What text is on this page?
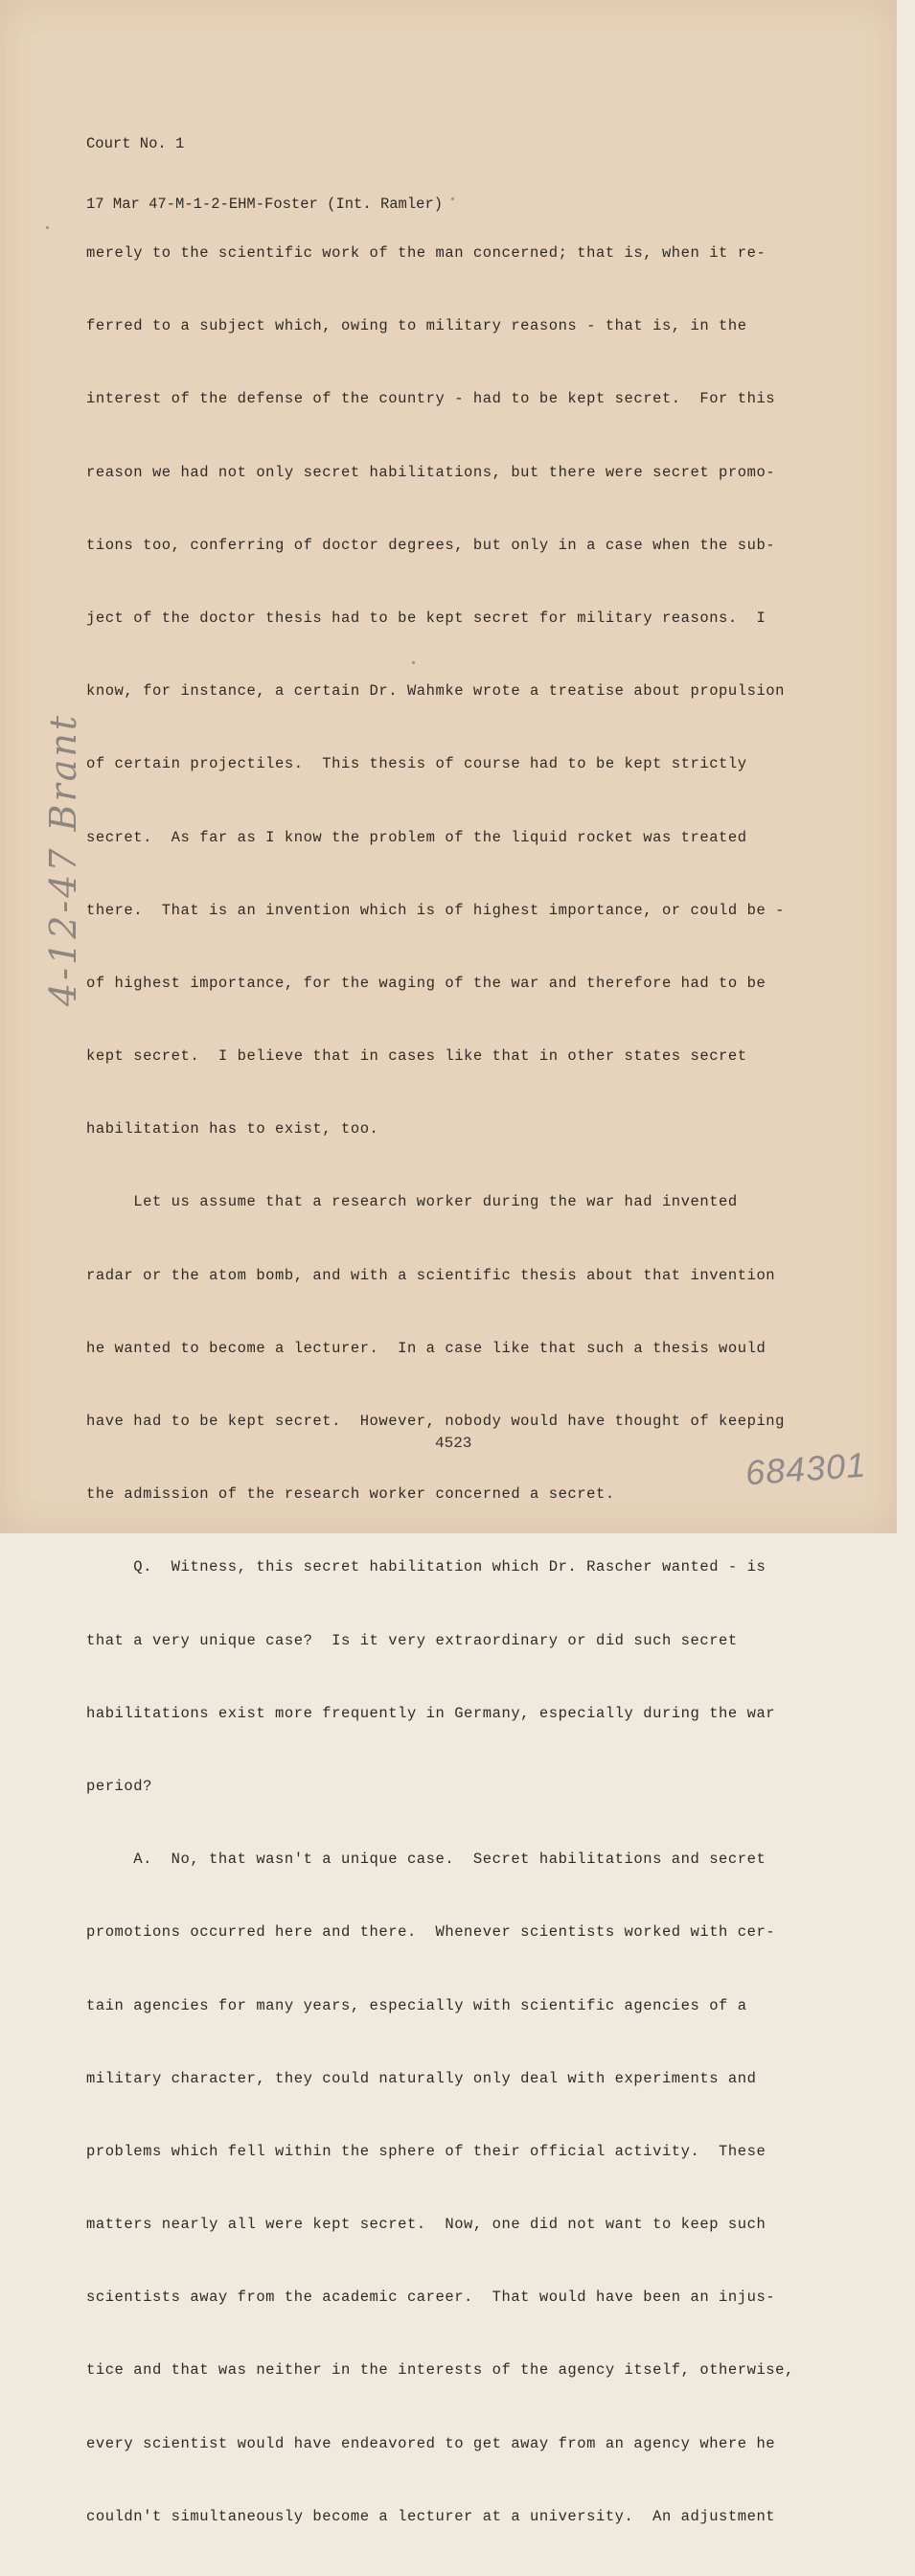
Court No. 1

17 Mar 47-M-1-2-EHM-Foster (Int. Ramler)

merely to the scientific work of the man concerned; that is, when it re-

ferred to a subject which, owing to military reasons - that is, in the

interest of the defense of the country - had to be kept secret.  For this

reason we had not only secret habilitations, but there were secret promo-

tions too, conferring of doctor degrees, but only in a case when the sub-

ject of the doctor thesis had to be kept secret for military reasons.  I

know, for instance, a certain Dr. Wahmke wrote a treatise about propulsion

of certain projectiles.  This thesis of course had to be kept strictly

secret.  As far as I know the problem of the liquid rocket was treated

there.  That is an invention which is of highest importance, or could be -

of highest importance, for the waging of the war and therefore had to be

kept secret.  I believe that in cases like that in other states secret

habilitation has to exist, too.

Let us assume that a research worker during the war had invented

radar or the atom bomb, and with a scientific thesis about that invention

he wanted to become a lecturer.  In a case like that such a thesis would

have had to be kept secret.  However, nobody would have thought of keeping

the admission of the research worker concerned a secret.

Q.  Witness, this secret habilitation which Dr. Rascher wanted - is

that a very unique case?  Is it very extraordinary or did such secret

habilitations exist more frequently in Germany, especially during the war

period?

A.  No, that wasn't a unique case.  Secret habilitations and secret

promotions occurred here and there.  Whenever scientists worked with cer-

tain agencies for many years, especially with scientific agencies of a

military character, they could naturally only deal with experiments and

problems which fell within the sphere of their official activity.  These

matters nearly all were kept secret.  Now, one did not want to keep such

scientists away from the academic career.  That would have been an injus-

tice and that was neither in the interests of the agency itself, otherwise,

every scientist would have endeavored to get away from an agency where he

couldn't simultaneously become a lecturer at a university.  An adjustment

4523
684301
4-12-47 Brant
